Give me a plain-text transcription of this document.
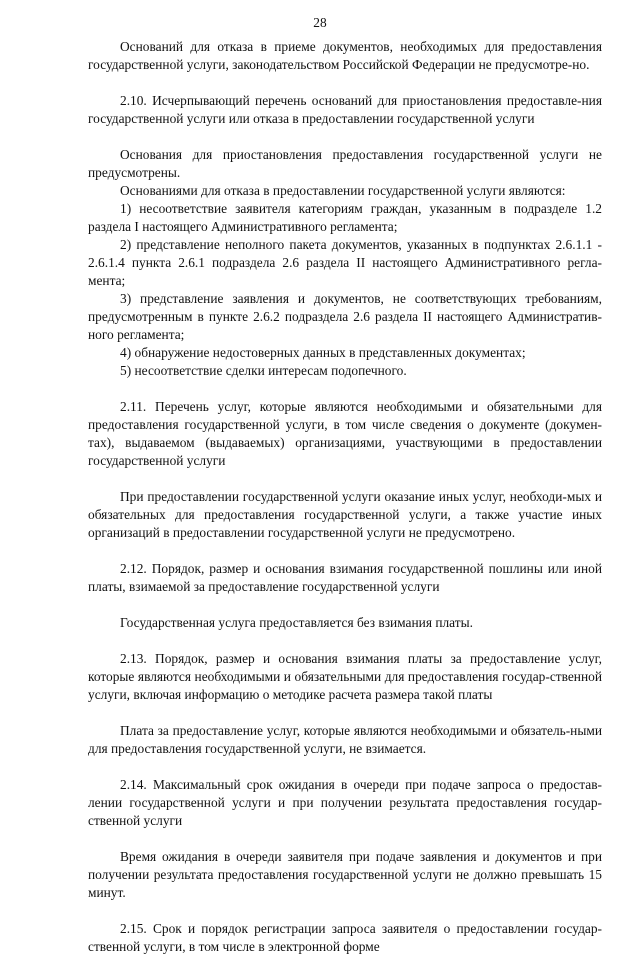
28

Оснований для отказа в приеме документов, необходимых для предоставления государственной услуги, законодательством Российской Федерации не предусмотре-но.

2.10. Исчерпывающий перечень оснований для приостановления предоставле-ния государственной услуги или отказа в предоставлении государственной услуги

Основания для приостановления предоставления государственной услуги не предусмотрены.

Основаниями для отказа в предоставлении государственной услуги являются:

1) несоответствие заявителя категориям граждан, указанным в подразделе 1.2 раздела I настоящего Административного регламента;

2) представление неполного пакета документов, указанных в подпунктах 2.6.1.1 - 2.6.1.4 пункта 2.6.1 подраздела 2.6 раздела II настоящего Административного регла-мента;

3) представление заявления и документов, не соответствующих требованиям, предусмотренным в пункте 2.6.2 подраздела 2.6 раздела II настоящего Административ-ного регламента;

4) обнаружение недостоверных данных в представленных документах;

5) несоответствие сделки интересам подопечного.

2.11. Перечень услуг, которые являются необходимыми и обязательными для предоставления государственной услуги, в том числе сведения о документе (докумен-тах), выдаваемом (выдаваемых) организациями, участвующими в предоставлении государственной услуги

При предоставлении государственной услуги оказание иных услуг, необходи-мых и обязательных для предоставления государственной услуги, а также участие иных организаций в предоставлении государственной услуги не предусмотрено.

2.12. Порядок, размер и основания взимания государственной пошлины или иной платы, взимаемой за предоставление государственной услуги

Государственная услуга предоставляется без взимания платы.

2.13. Порядок, размер и основания взимания платы за предоставление услуг, которые являются необходимыми и обязательными для предоставления государ-ственной услуги, включая информацию о методике расчета размера такой платы

Плата за предоставление услуг, которые являются необходимыми и обязатель-ными для предоставления государственной услуги, не взимается.

2.14. Максимальный срок ожидания в очереди при подаче запроса о предостав-лении государственной услуги и при получении результата предоставления государ-ственной услуги

Время ожидания в очереди заявителя при подаче заявления и документов и при получении результата предоставления государственной услуги не должно превышать 15 минут.

2.15. Срок и порядок регистрации запроса заявителя о предоставлении государ-ственной услуги, в том числе в электронной форме
